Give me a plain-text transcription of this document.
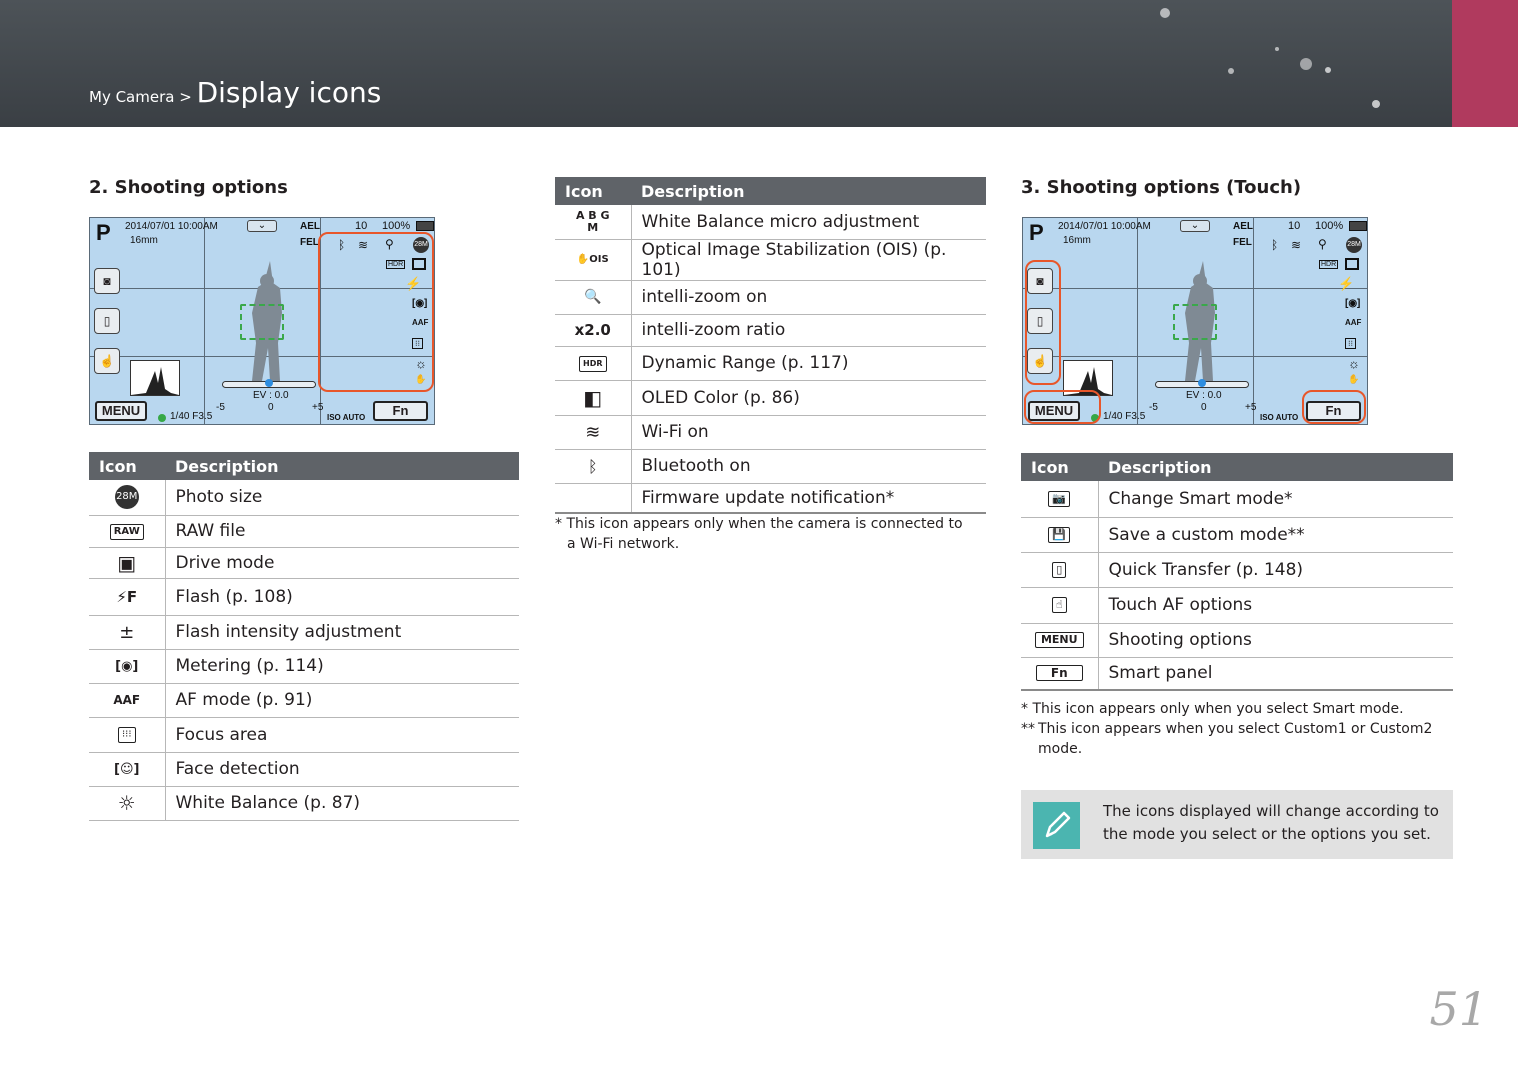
My Camera > Display icons
2. Shooting options
P 2014/07/01 10:00AM
16mm
⌄	AEL
FEL
10 100%
ᛒ ≋ ⚲	28M
HDR
⚡
[◉]
AAF
⁝⁝
☼
✋
◙
▯
☝
EV : 0.0
-5	0	+5
MENU	1/40 F3.5	ISO AUTO	Fn
Icon	Description
28M	Photo size
RAW	RAW file
▣	Drive mode
⚡F	Flash (p. 108)
±	Flash intensity adjustment
[◉]	Metering (p. 114)
AAF	AF mode (p. 91)
⁝⁝⁝	Focus area
[☺]	Face detection
☼	White Balance (p. 87)
Icon	Description
A B G M	White Balance micro adjustment
✋OIS	Optical Image Stabilization (OIS) (p. 101)
🔍	intelli-zoom on
x2.0	intelli-zoom ratio
HDR	Dynamic Range (p. 117)
◧	OLED Color (p. 86)
≋	Wi-Fi on
ᛒ	Bluetooth on
	Firmware update notification*
* This icon appears only when the camera is connected to a Wi-Fi network.
3. Shooting options (Touch)
P 2014/07/01 10:00AM
16mm
⌄	AEL
FEL
10 100%
ᛒ ≋ ⚲	28M
HDR
⚡
[◉]
AAF
⁝⁝
☼
✋
◙
▯
☝
EV : 0.0
-5	0	+5
MENU	1/40 F3.5	ISO AUTO	Fn
Icon	Description
📷	Change Smart mode*
💾	Save a custom mode**
▯	Quick Transfer (p. 148)
☝	Touch AF options
MENU	Shooting options
Fn	Smart panel
* This icon appears only when you select Smart mode.
** This icon appears when you select Custom1 or Custom2 mode.
The icons displayed will change according to the mode you select or the options you set.
51
